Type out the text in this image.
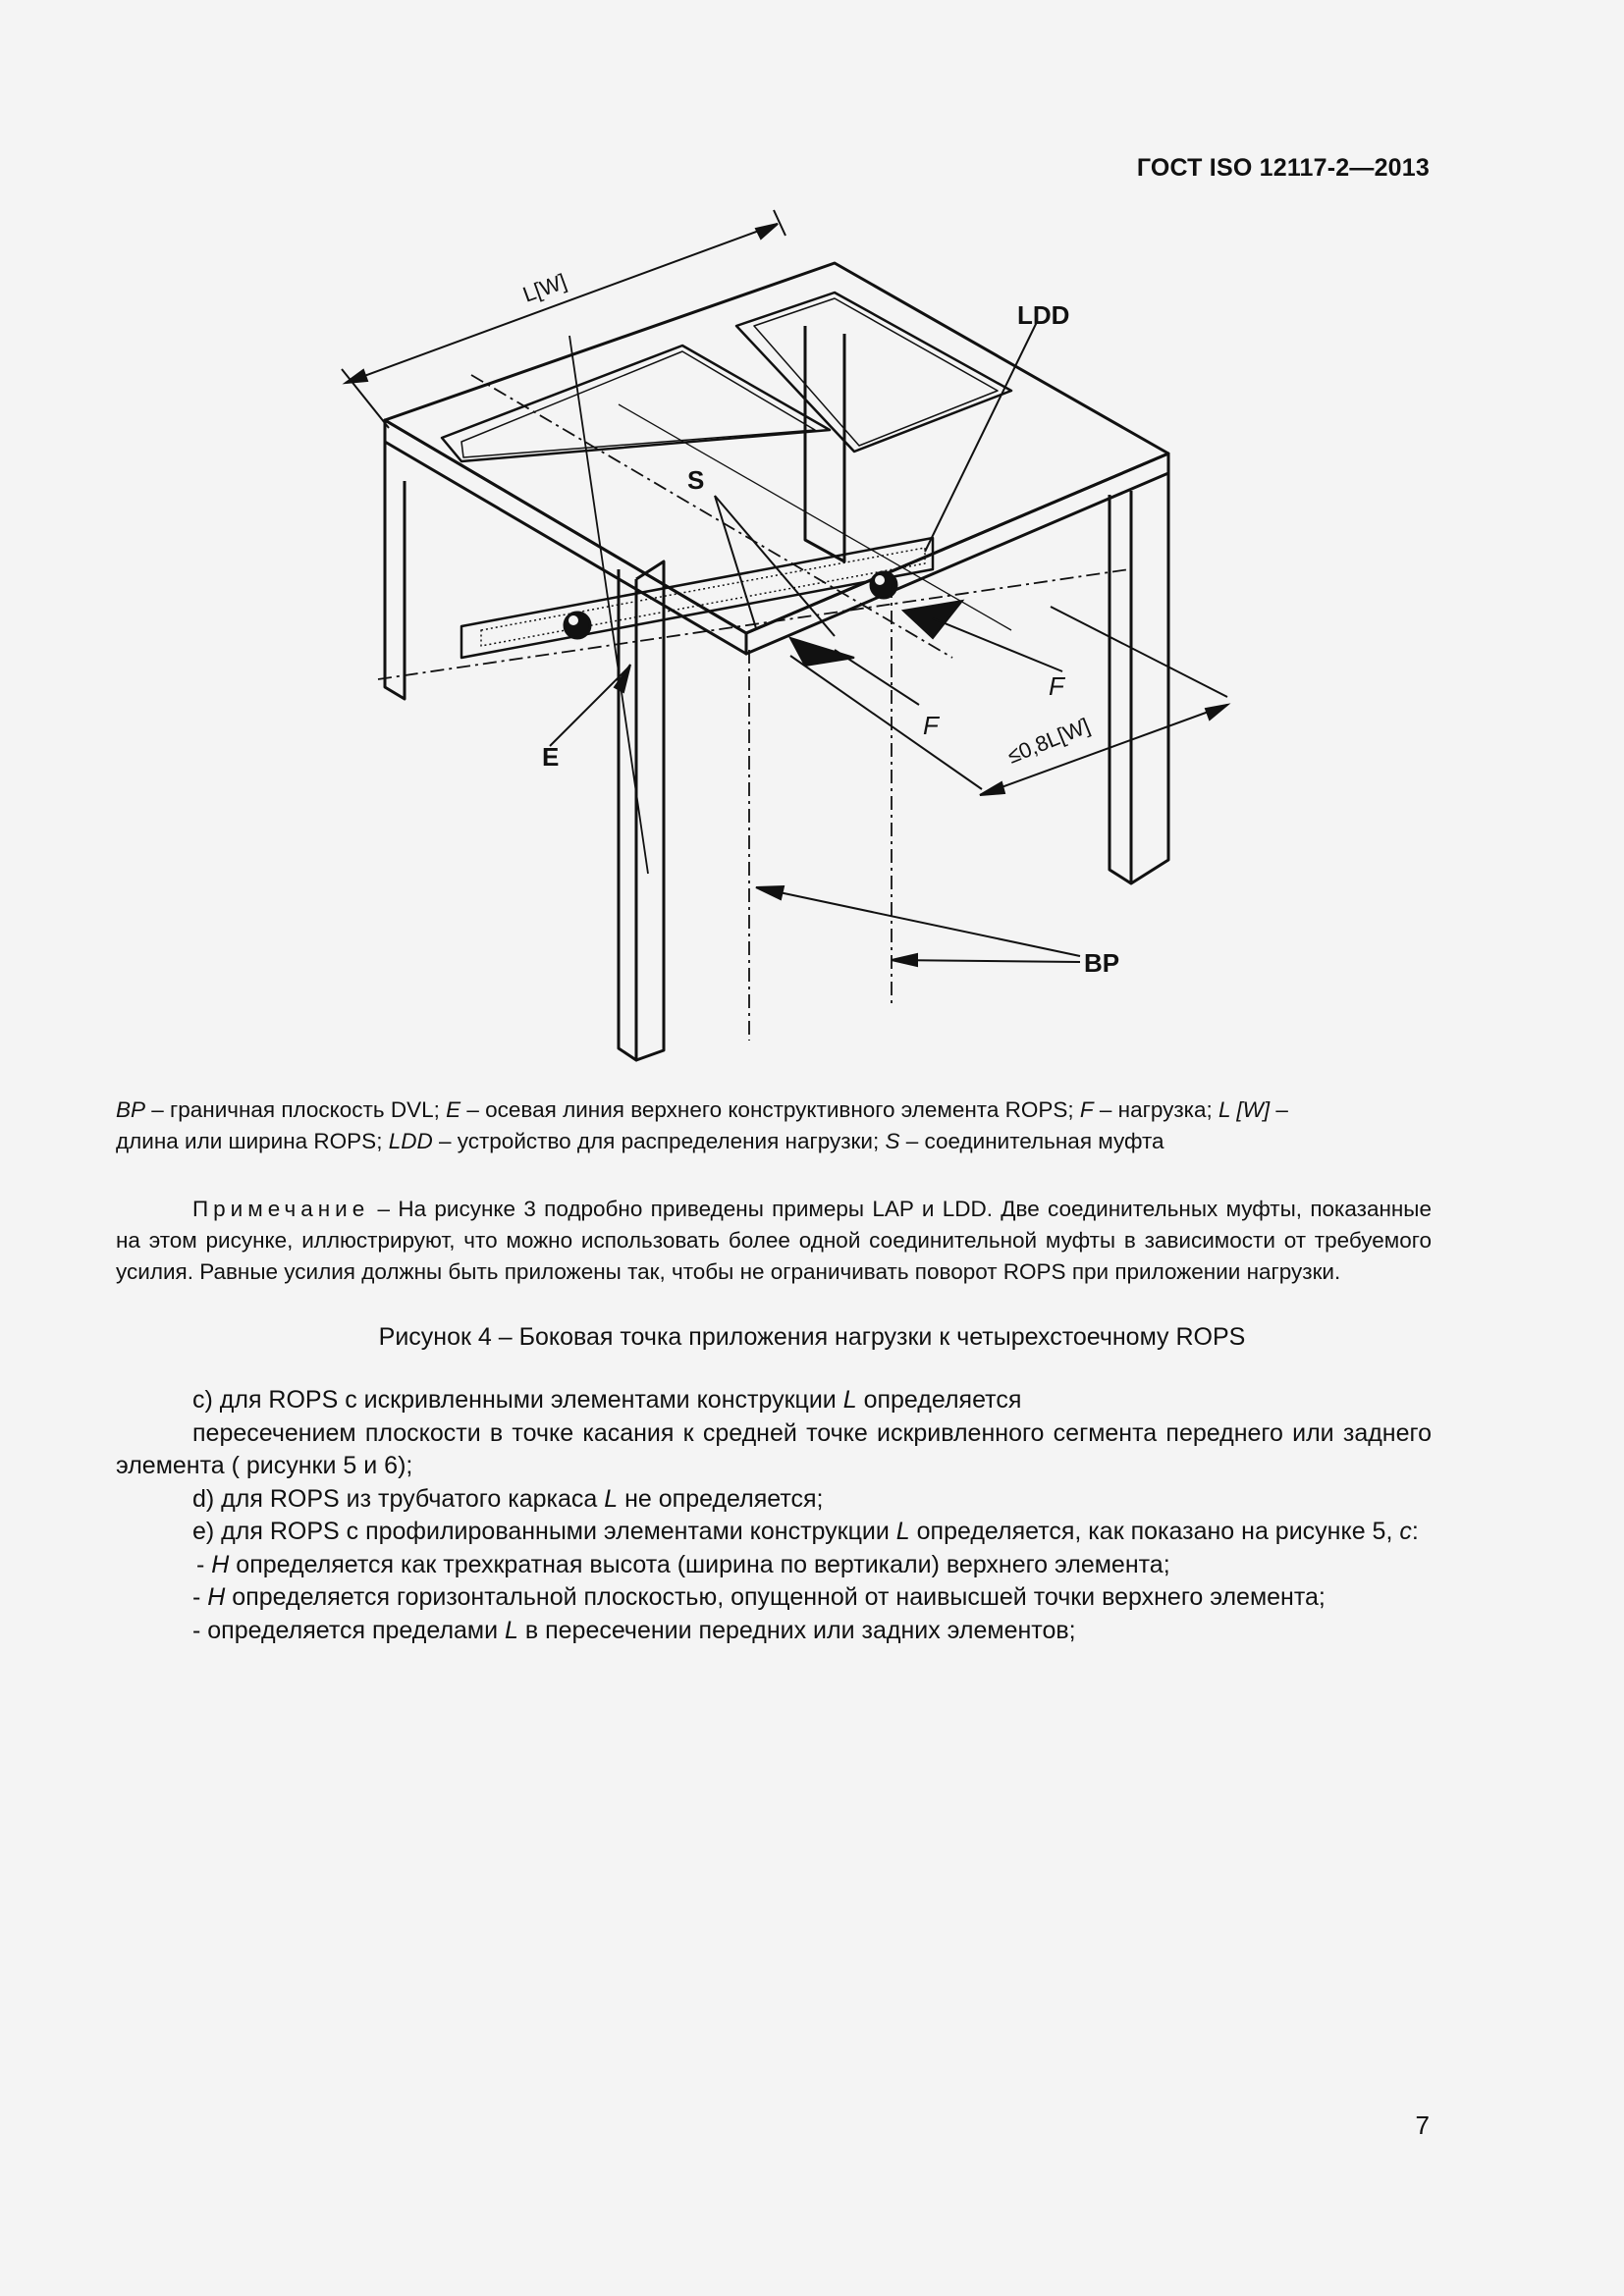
ГОСТ ISO 12117-2—2013
L[W]
LDD
S
F
F
E
BP
≤0,8L[W]

BP – граничная плоскость DVL; E – осевая линия верхнего конструктивного элемента ROPS; F – нагрузка; L [W] –

длина или ширина ROPS; LDD – устройство для распределения нагрузки; S – соединительная муфта

Примечание – На рисунке 3 подробно приведены примеры LAP и LDD. Две соединительных муфты, показанные на этом рисунке, иллюстрируют, что можно использовать более одной соединительной муфты в зависимости от требуемого усилия. Равные усилия должны быть приложены так, чтобы не ограничивать поворот ROPS при приложении нагрузки.

Рисунок 4 – Боковая точка приложения нагрузки к четырехстоечному ROPS

c) для ROPS с искривленными элементами конструкции L определяется

пересечением плоскости в точке касания к средней точке искривленного сегмента переднего или заднего элемента ( рисунки 5 и 6);

d) для ROPS из трубчатого каркаса L не определяется;

e) для ROPS с профилированными элементами конструкции L определяется, как показано на рисунке 5, c:

- H определяется как трехкратная высота (ширина по вертикали) верхнего элемента;

- H определяется горизонтальной плоскостью, опущенной от наивысшей точки верхнего элемента;

- определяется пределами L в пересечении передних или задних элементов;

7
